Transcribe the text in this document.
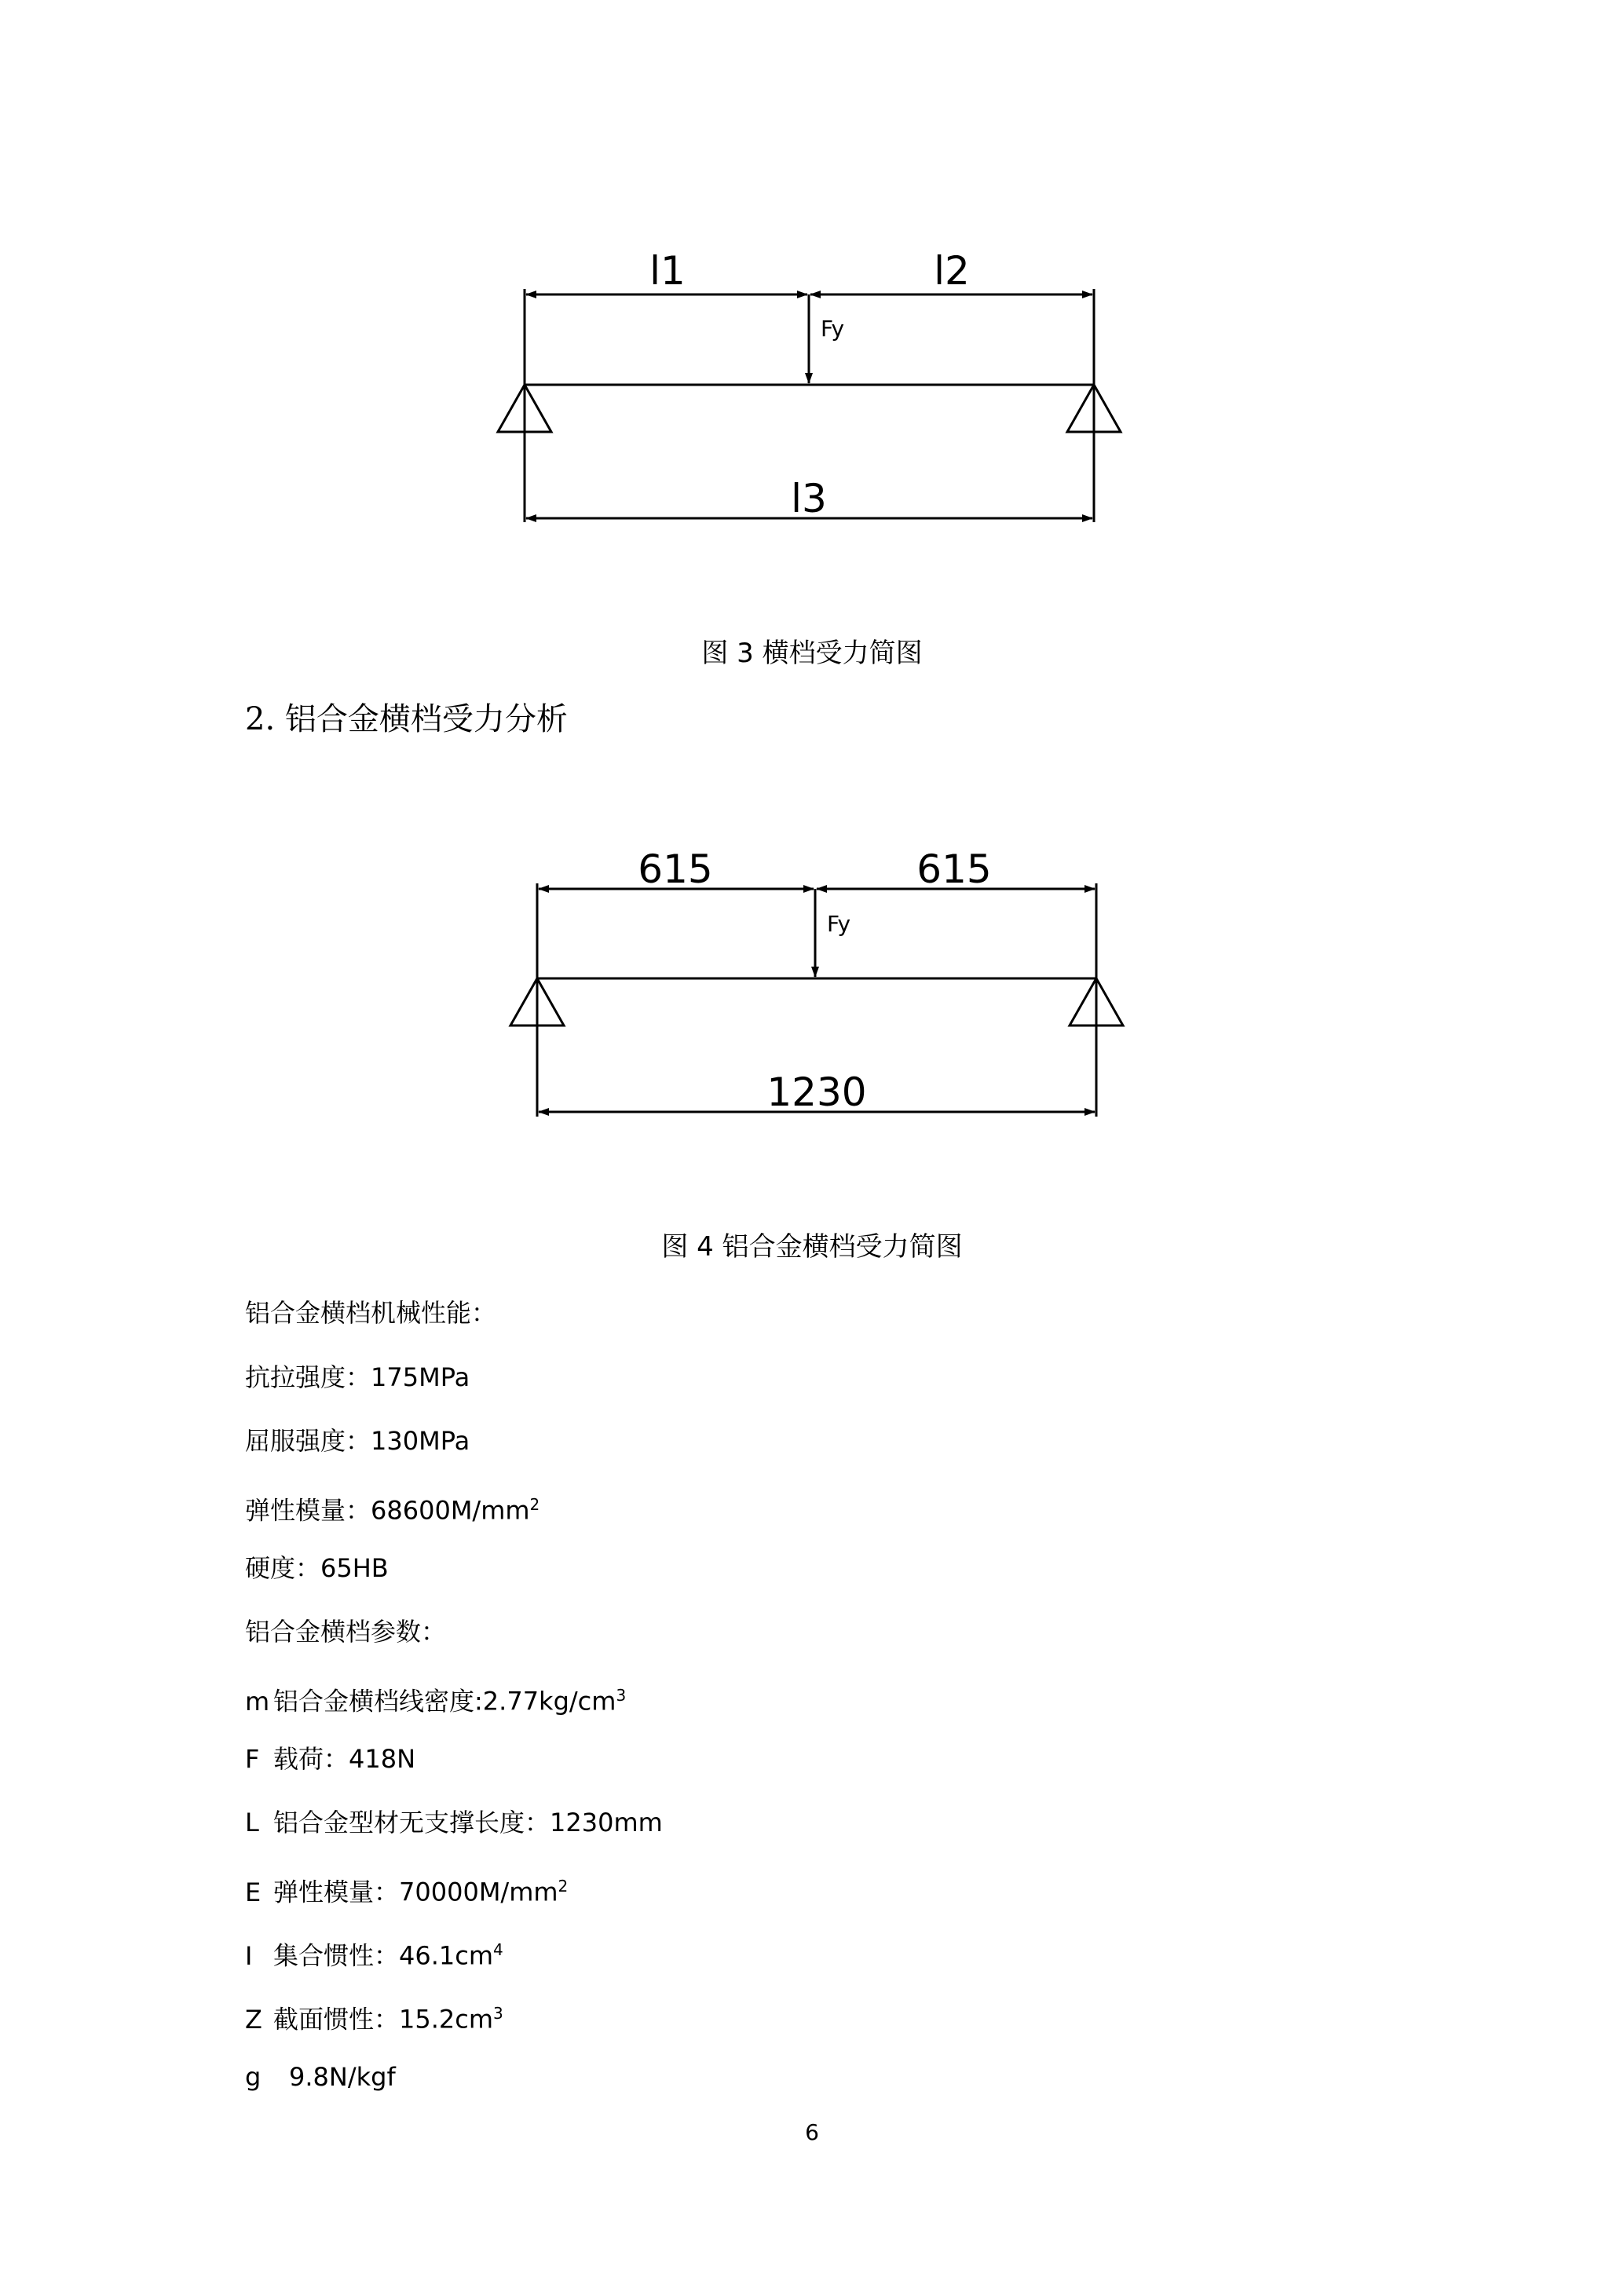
l1	l2
Fy
l3
615	615
Fy
1230
图 3 横档受力简图
2. 铝合金横档受力分析
图 4 铝合金横档受力简图
铝合金横档机械性能：
抗拉强度：175MPa
屈服强度：130MPa
弹性模量：$68600M/mm^2$
硬度：65HB
铝合金横档参数：
m 铝合金横档线密度$:2.77kg/cm^3$
F 载荷：418N
L 铝合金型材无支撑长度：1230mm
E 弹性模量：$70000M/mm^2$
I 集合惯性：$46.1cm^4$
Z 截面惯性：$15.2cm^3$
g 9.8N/kgf
6
